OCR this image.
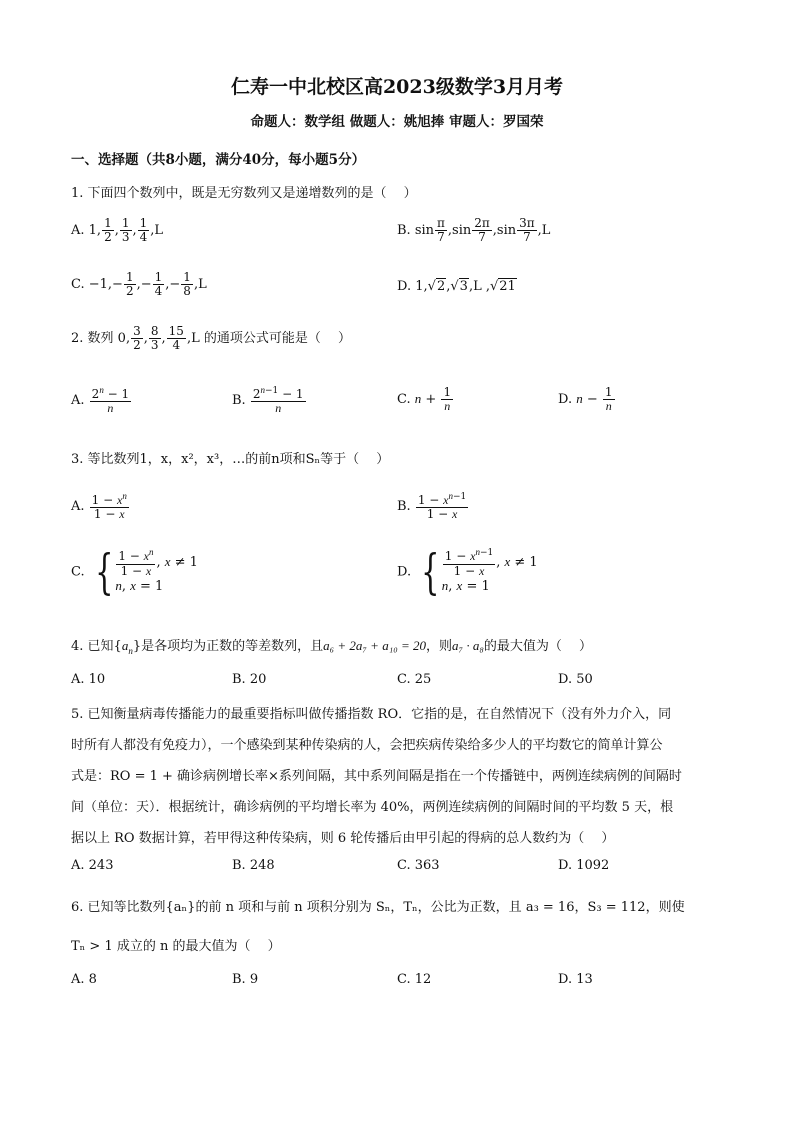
仁寿一中北校区高2023级数学3月月考
命题人：数学组 做题人：姚旭捧 审题人：罗国荣
一、选择题（共8小题，满分40分，每小题5分）
1. 下面四个数列中，既是无穷数列又是递增数列的是（　 ）
A. 1, $\frac{1}{2}$ , $\frac{1}{3}$ , $\frac{1}{4} ,L$	B. $\sin \frac{\pi}{7} ,\sin \frac{2\pi}{7} ,\sin \frac{3\pi}{7} ,L$
C. $-1,- \frac{1}{2}$ ,− $\frac{1}{4}$ ,− $\frac{1}{8} ,L$	D. 1,√2,√3,L ,√21
2. 数列 0, $\frac{3}{2}$ , $\frac{8}{3}$ , $\frac{15}{4} ,L$ 的通项公式可能是（　 ）
A. $\frac{2^n - 1}{n}$	B. $\frac{2^{n-1} - 1}{n}$	C. $n + \frac{1}{n}$	D. $n - \frac{1}{n}$
3. 等比数列1，x，x²，x³，…的前n项和Sₙ等于（　 ）
A. $\frac{1 - x^n}{1 - x}$	B. $\frac{1 - x^{n-1}}{1 - x}$
C. { $\frac{1 - x^n}{1 - x}$ , x ≠ 1
n, x = 1
D. { $\frac{1 - x^{n-1}}{1 - x}$ , x ≠ 1
n, x = 1
4. 已知$\{a_n\}$是各项均为正数的等差数列，且a₆ + 2a₇ + a₁₀ = 20，则a₇ · a₈的最大值为（　 ）
A. 10	B. 20	C. 25	D. 50
5. 已知衡量病毒传播能力的最重要指标叫做传播指数 RO．它指的是，在自然情况下（没有外力介入，同
时所有人都没有免疫力），一个感染到某种传染病的人，会把疾病传染给多少人的平均数它的简单计算公
式是：RO = 1 + 确诊病例增长率×系列间隔，其中系列间隔是指在一个传播链中，两例连续病例的间隔时
间（单位：天）．根据统计，确诊病例的平均增长率为 40%，两例连续病例的间隔时间的平均数 5 天，根
据以上 RO 数据计算，若甲得这种传染病，则 6 轮传播后由甲引起的得病的总人数约为（　 ）
A. 243	B. 248	C. 363	D. 1092
6. 已知等比数列{aₙ}的前 n 项和与前 n 项积分别为 Sₙ，Tₙ，公比为正数，且 a₃ = 16，S₃ = 112，则使
Tₙ > 1 成立的 n 的最大值为（　 ）
A. 8	B. 9	C. 12	D. 13
